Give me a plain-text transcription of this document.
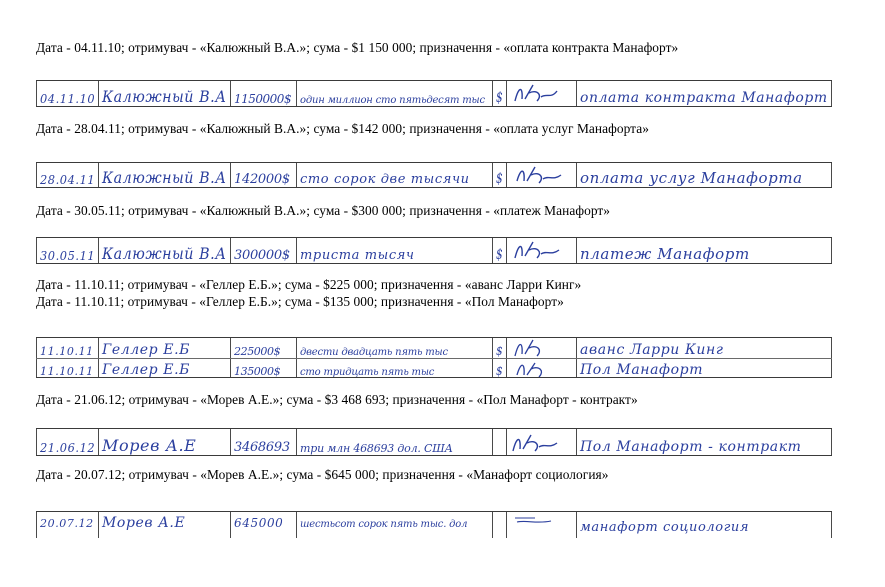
Дата - 04.11.10; отримувач - «Калюжный В.А.»; сума - $1 150 000; призначення - «оплата контракта Манафорт»
04.11.10 Калюжный В.А 1150000$ один миллион сто пятьдесят тыс $	оплата контракта Манафорт
Дата - 28.04.11; отримувач - «Калюжный В.А.»; сума - $142 000; призначення - «оплата услуг Манафорта»
28.04.11 Калюжный В.А 142000$ сто сорок две тысячи $	оплата услуг Манафорта
Дата - 30.05.11; отримувач - «Калюжный В.А.»; сума - $300 000; призначення - «платеж Манафорт»
30.05.11 Калюжный В.А 300000$ триста тысяч	$	платеж Манафорт
Дата - 11.10.11; отримувач - «Геллер Е.Б.»; сума - $225 000; призначення - «аванс Ларри Кинг»
Дата - 11.10.11; отримувач - «Геллер Е.Б.»; сума - $135 000; призначення - «Пол Манафорт»
11.10.11 Геллер Е.Б	225000$ двести двадцать пять тыс	$	аванс Ларри Кинг
11.10.11 Геллер Е.Б	135000$ сто тридцать пять тыс	$	Пол Манафорт
Дата - 21.06.12; отримувач - «Морев А.Е.»; сума - $3 468 693; призначення - «Пол Манафорт - контракт»
21.06.12 Морев А.Е	3468693 три млн 468693 дол. США	Пол Манафорт - контракт
Дата - 20.07.12; отримувач - «Морев А.Е.»; сума - $645 000; призначення - «Манафорт социология»
20.07.12 Морев А.Е	645000 шестьсот сорок пять тыс. дол	манафорт социология
